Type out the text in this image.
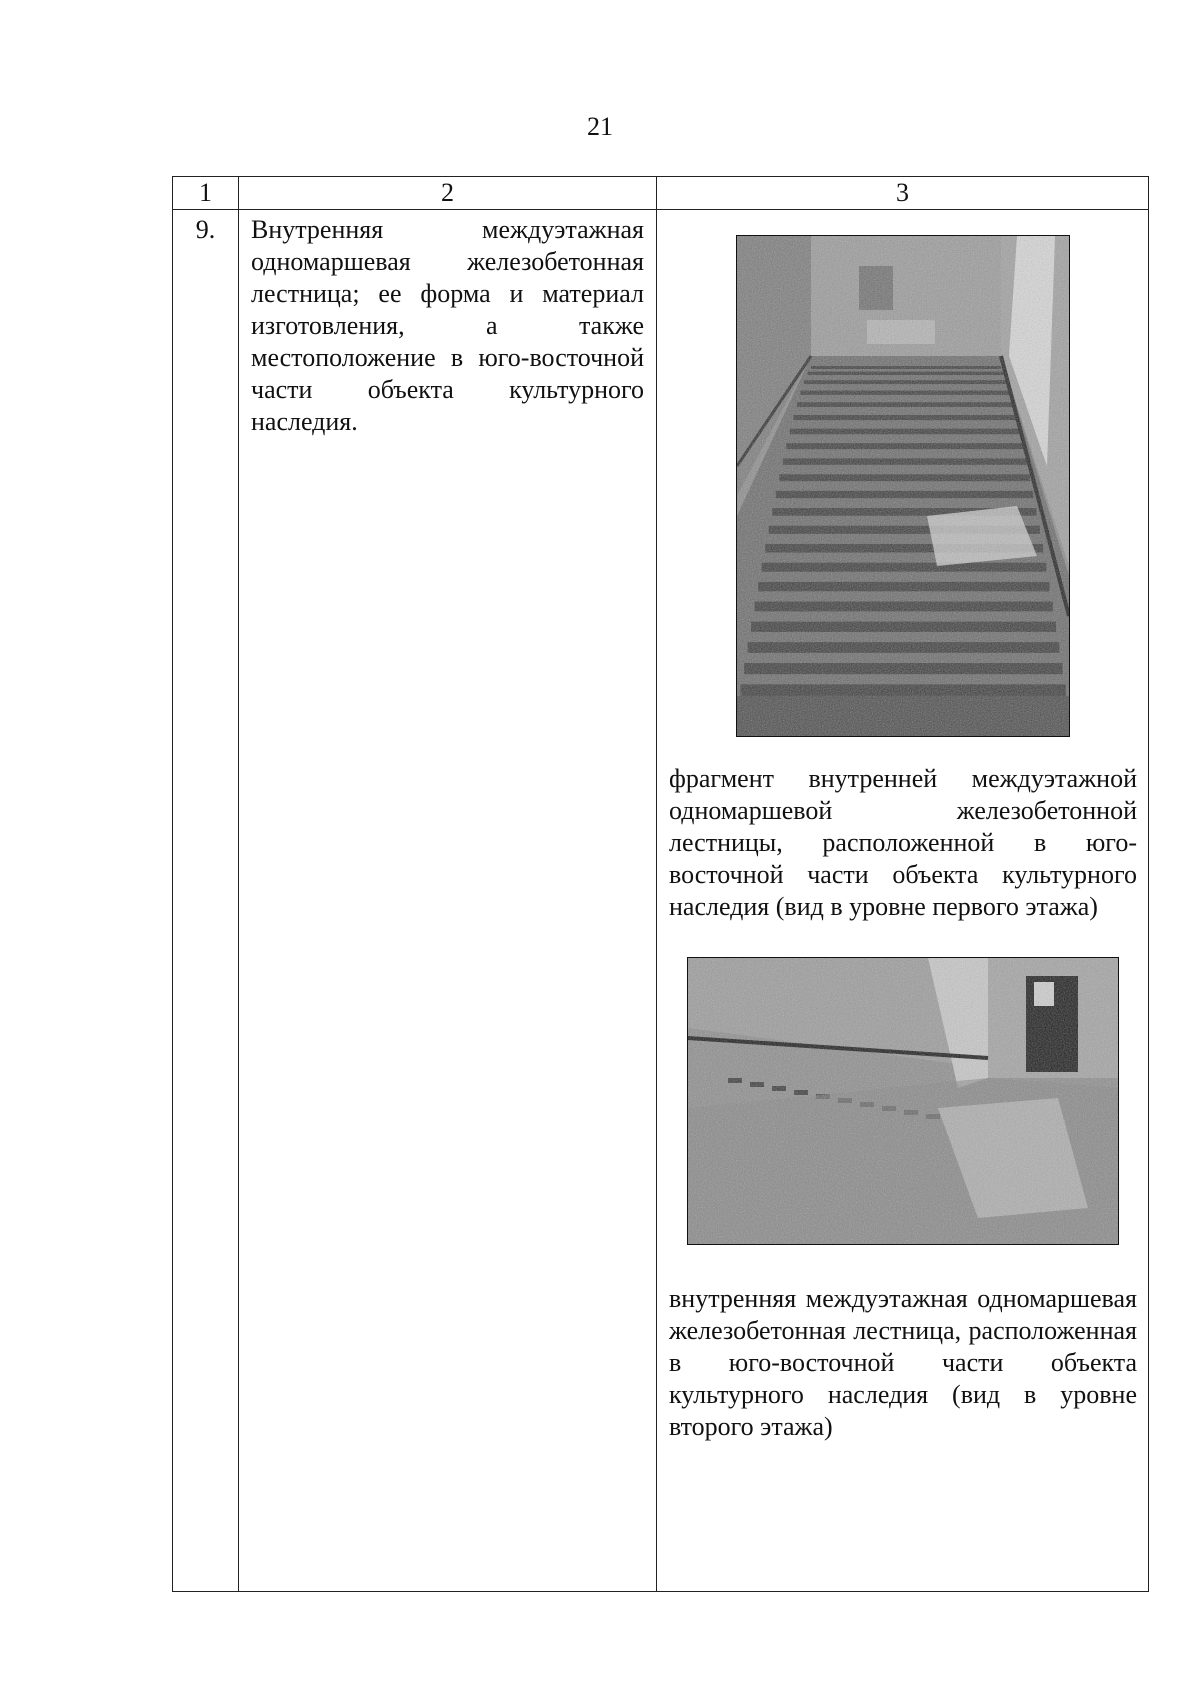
21
1	2	3

9.	Внутренняя междуэтажная одномаршевая железобетонная лестница; ее форма и материал изготовления, а также местоположение в юго-восточной части объекта культурного наследия.	фрагмент внутренней междуэтажной одномаршевой железобетонной лестницы, расположенной в юго-восточной части объекта культурного наследия (вид в уровне первого этажа)
внутренняя междуэтажная одномаршевая железобетонная лестница, расположенная в юго-восточной части объекта культурного наследия (вид в уровне второго этажа)
